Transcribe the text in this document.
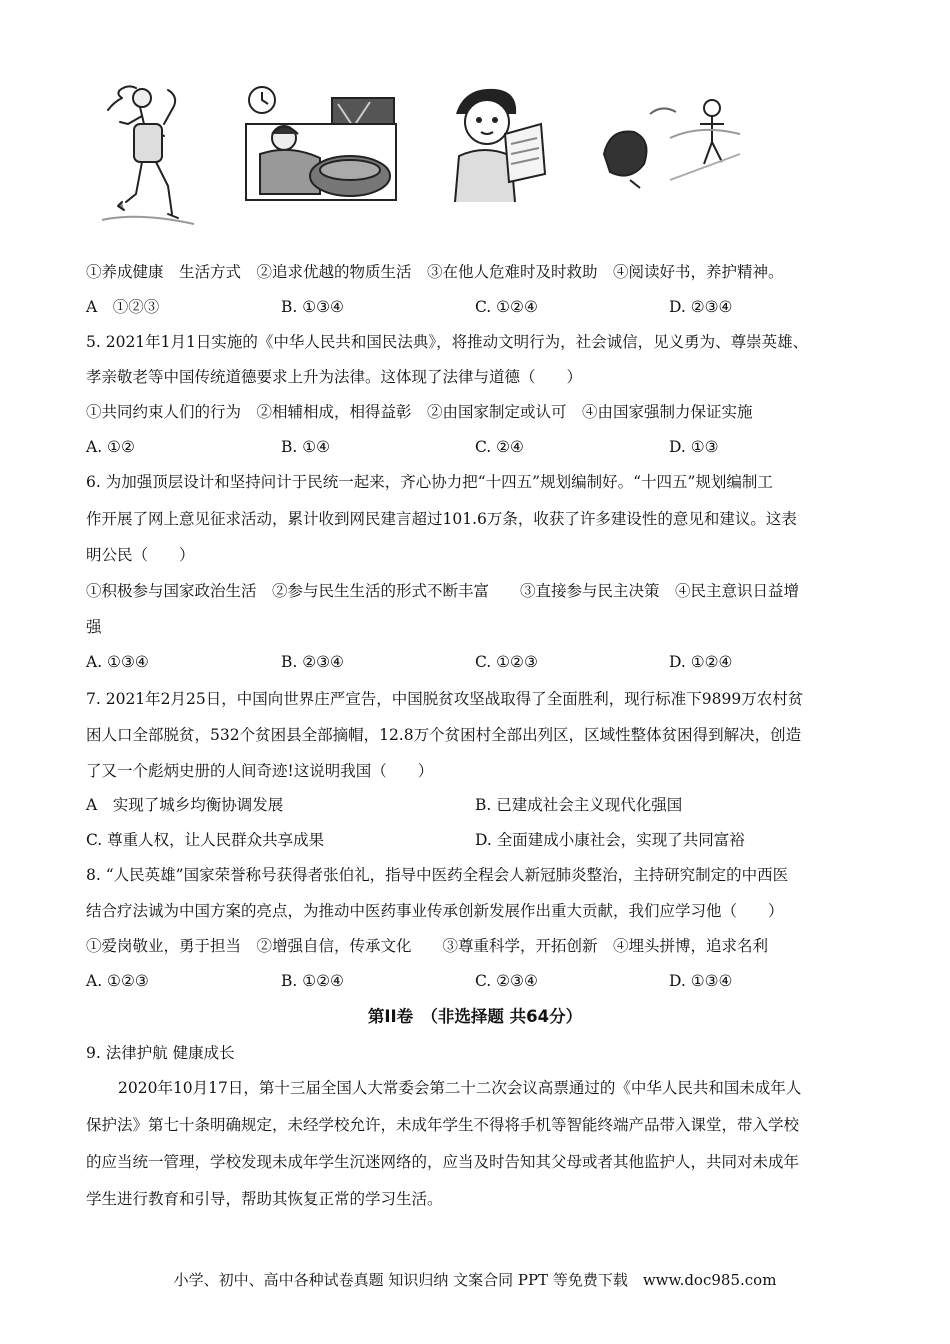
①养成健康　生活方式　②追求优越的物质生活　③在他人危难时及时救助　④阅读好书，养护精神。
A　①②③	B. ①③④	C. ①②④	D. ②③④
5. 2021年1月1日实施的《中华人民共和国民法典》，将推动文明行为，社会诚信，见义勇为、尊崇英雄、
孝亲敬老等中国传统道德要求上升为法律。这体现了法律与道德（　　）
①共同约束人们的行为　②相辅相成，相得益彰　②由国家制定或认可　④由国家强制力保证实施
A. ①②	B. ①④	C. ②④	D. ①③
6. 为加强顶层设计和坚持问计于民统一起来，齐心协力把“十四五”规划编制好。“十四五”规划编制工
作开展了网上意见征求活动，累计收到网民建言超过101.6万条，收获了许多建设性的意见和建议。这表
明公民（　　）
①积极参与国家政治生活　②参与民生生活的形式不断丰富　　③直接参与民主决策　④民主意识日益增
强
A. ①③④	B. ②③④	C. ①②③	D. ①②④
7. 2021年2月25日，中国向世界庄严宣告，中国脱贫攻坚战取得了全面胜利，现行标准下9899万农村贫
困人口全部脱贫，532个贫困县全部摘帽，12.8万个贫困村全部出列区，区域性整体贫困得到解决，创造
了又一个彪炳史册的人间奇迹!这说明我国（　　）
A　实现了城乡均衡协调发展	B. 已建成社会主义现代化强国
C. 尊重人权，让人民群众共享成果	D. 全面建成小康社会，实现了共同富裕
8. “人民英雄”国家荣誉称号获得者张伯礼，指导中医药全程会人新冠肺炎整治，主持研究制定的中西医
结合疗法诚为中国方案的亮点，为推动中医药事业传承创新发展作出重大贡献，我们应学习他（　　）
①爱岗敬业，勇于担当　②增强自信，传承文化　　③尊重科学，开拓创新　④埋头拼博，追求名利
A. ①②③	B. ①②④	C. ②③④	D. ①③④
第II卷　（非选择题 共64分）
9. 法律护航 健康成长
2020年10月17日，第十三届全国人大常委会第二十二次会议高票通过的《中华人民共和国未成年人
保护法》第七十条明确规定，未经学校允许，未成年学生不得将手机等智能终端产品带入课堂，带入学校
的应当统一管理，学校发现未成年学生沉迷网络的，应当及时告知其父母或者其他监护人，共同对未成年
学生进行教育和引导，帮助其恢复正常的学习生活。
小学、初中、高中各种试卷真题 知识归纳 文案合同 PPT 等免费下载　www.doc985.com
